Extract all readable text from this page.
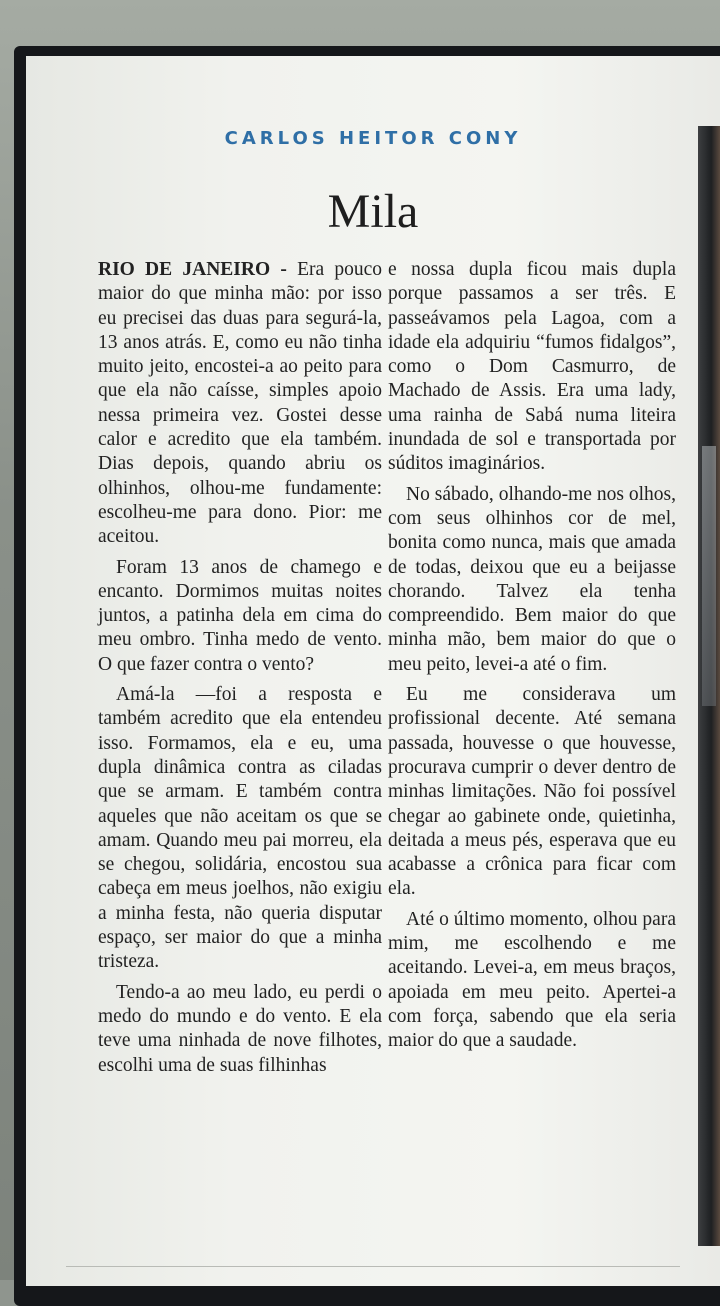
CARLOS HEITOR CONY
Mila

RIO DE JANEIRO - Era pouco maior do que minha mão: por isso eu precisei das duas para segurá-la, 13 anos atrás. E, como eu não tinha muito jeito, encostei-a ao peito para que ela não caísse, simples apoio nessa primeira vez. Gostei desse calor e acredito que ela também. Dias depois, quando abriu os olhinhos, olhou-me fundamente: escolheu-me para dono. Pior: me aceitou.

Foram 13 anos de chamego e encanto. Dormimos muitas noites juntos, a patinha dela em cima do meu ombro. Tinha medo de vento. O que fazer contra o vento?

Amá-la —foi a resposta e também acredito que ela entendeu isso. Formamos, ela e eu, uma dupla dinâmica contra as ciladas que se armam. E também contra aqueles que não aceitam os que se amam. Quando meu pai morreu, ela se chegou, solidária, encostou sua cabeça em meus joelhos, não exigiu a minha festa, não queria disputar espaço, ser maior do que a minha tristeza.

Tendo-a ao meu lado, eu perdi o medo do mundo e do vento. E ela teve uma ninhada de nove filhotes, escolhi uma de suas filhinhas

e nossa dupla ficou mais dupla porque passamos a ser três. E passeávamos pela Lagoa, com a idade ela adquiriu “fumos fidalgos”, como o Dom Casmurro, de Machado de Assis. Era uma lady, uma rainha de Sabá numa liteira inundada de sol e transportada por súditos imaginários.

No sábado, olhando-me nos olhos, com seus olhinhos cor de mel, bonita como nunca, mais que amada de todas, deixou que eu a beijasse chorando. Talvez ela tenha compreendido. Bem maior do que minha mão, bem maior do que o meu peito, levei-a até o fim.

Eu me considerava um profissional decente. Até semana passada, houvesse o que houvesse, procurava cumprir o dever dentro de minhas limitações. Não foi possível chegar ao gabinete onde, quietinha, deitada a meus pés, esperava que eu acabasse a crônica para ficar com ela.

Até o último momento, olhou para mim, me escolhendo e me aceitando. Levei-a, em meus braços, apoiada em meu peito. Apertei-a com força, sabendo que ela seria maior do que a saudade.
